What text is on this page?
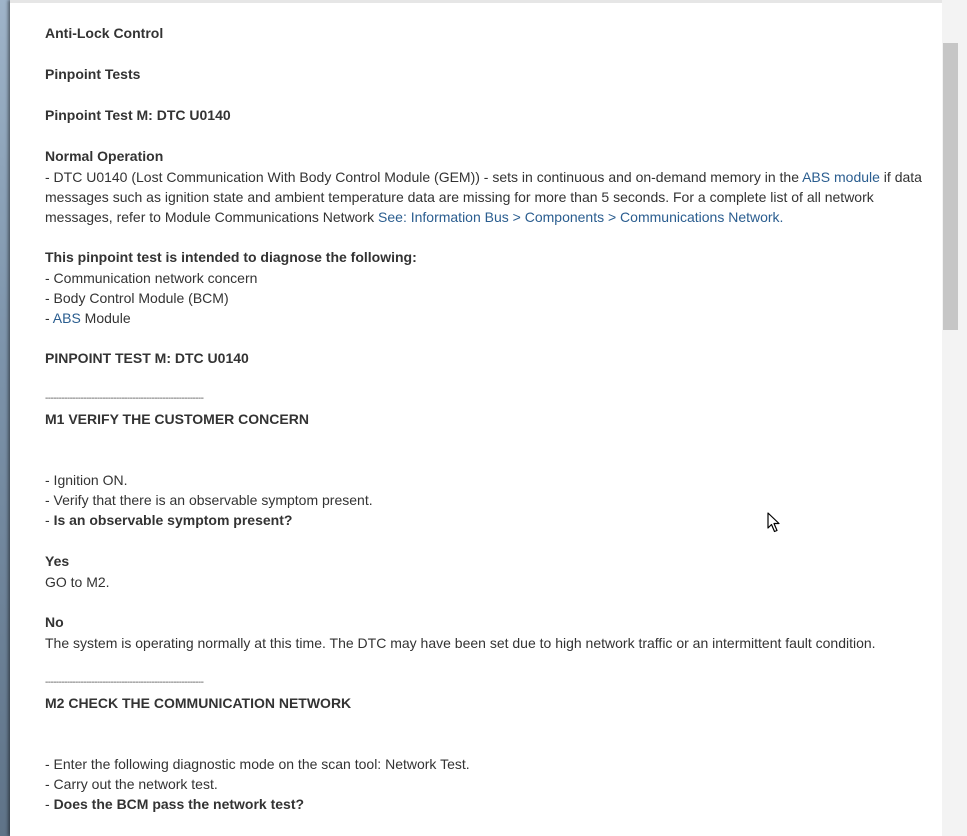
Anti-Lock Control
Pinpoint Tests
Pinpoint Test M: DTC U0140
Normal Operation
- DTC U0140 (Lost Communication With Body Control Module (GEM)) - sets in continuous and on-demand memory in the ABS module if data messages such as ignition state and ambient temperature data are missing for more than 5 seconds. For a complete list of all network messages, refer to Module Communications Network See: Information Bus > Components > Communications Network.
This pinpoint test is intended to diagnose the following:
- Communication network concern
- Body Control Module (BCM)
- ABS Module
PINPOINT TEST M: DTC U0140
----------------------------------------------------------
M1 VERIFY THE CUSTOMER CONCERN
- Ignition ON.
- Verify that there is an observable symptom present.
- Is an observable symptom present?
Yes
GO to M2.
No
The system is operating normally at this time. The DTC may have been set due to high network traffic or an intermittent fault condition.
----------------------------------------------------------
M2 CHECK THE COMMUNICATION NETWORK
- Enter the following diagnostic mode on the scan tool: Network Test.
- Carry out the network test.
- Does the BCM pass the network test?
